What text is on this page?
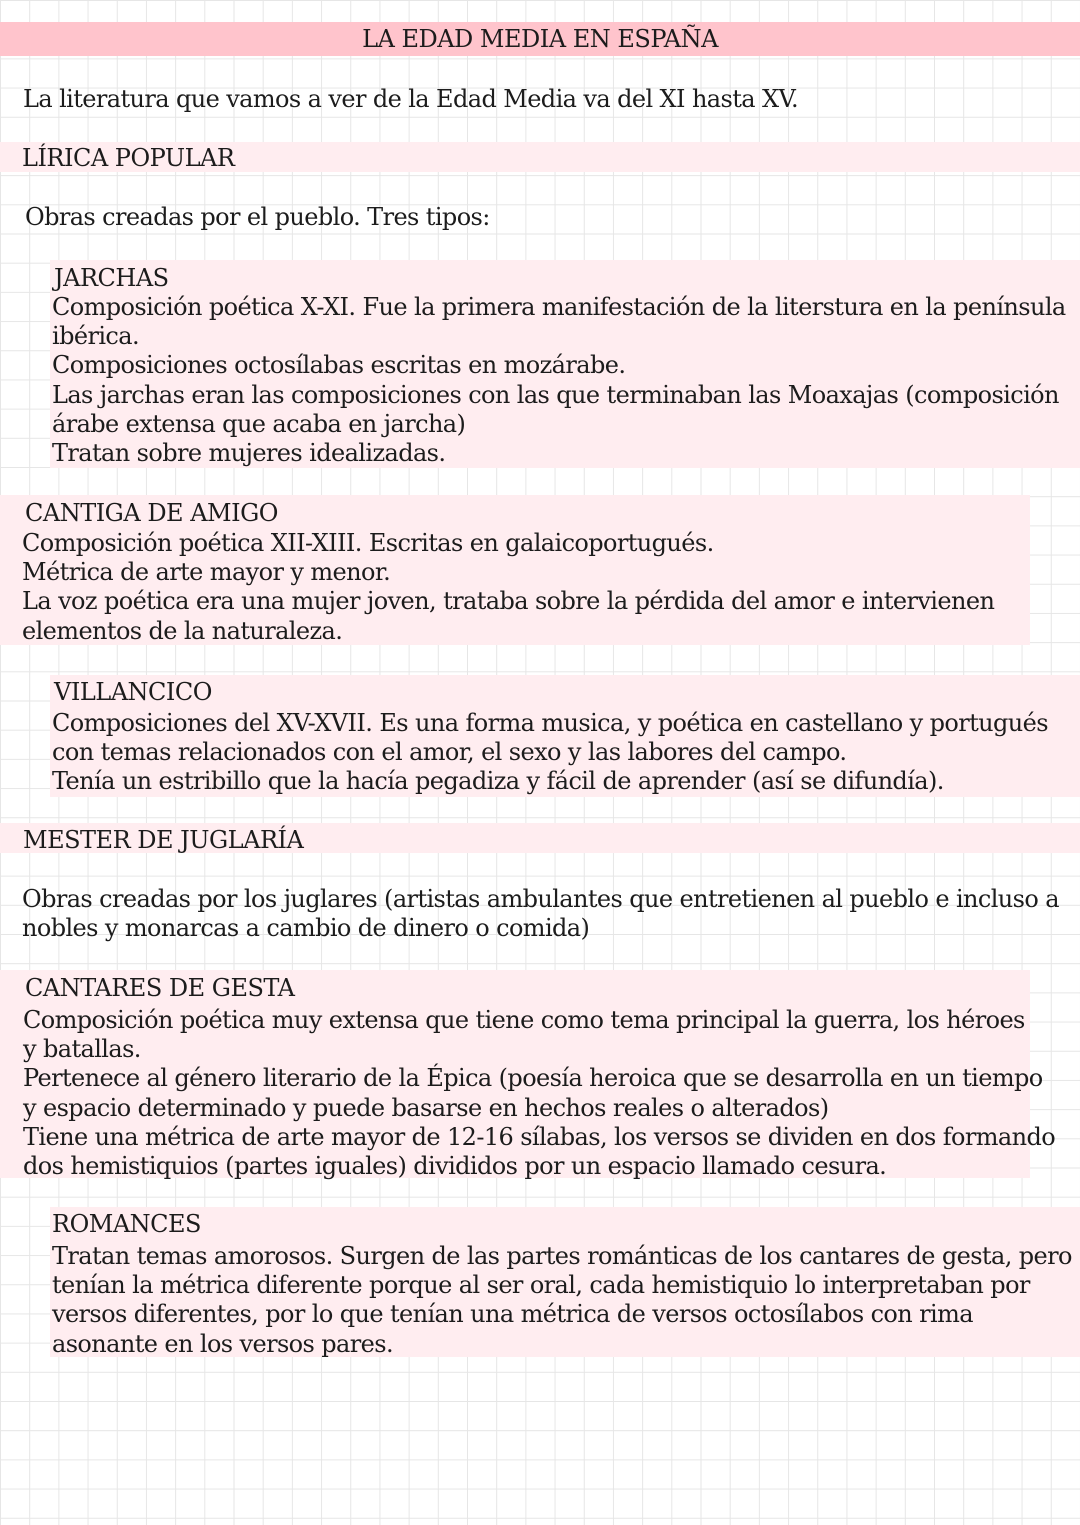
LA EDAD MEDIA EN ESPAÑA

La literatura que vamos a ver de la Edad Media va del XI hasta XV.

LÍRICA POPULAR

Obras creadas por el pueblo. Tres tipos:

JARCHAS
Composición poética X-XI. Fue la primera manifestación de la literstura en la península
ibérica.
Composiciones octosílabas escritas en mozárabe.
Las jarchas eran las composiciones con las que terminaban las Moaxajas (composición
árabe extensa que acaba en jarcha)
Tratan sobre mujeres idealizadas.
CANTIGA DE AMIGO
Composición poética XII-XIII. Escritas en galaicoportugués.
Métrica de arte mayor y menor.
La voz poética era una mujer joven, trataba sobre la pérdida del amor e intervienen
elementos de la naturaleza.
VILLANCICO
Composiciones del XV-XVII. Es una forma musica, y poética en castellano y portugués
con temas relacionados con el amor, el sexo y las labores del campo.
Tenía un estribillo que la hacía pegadiza y fácil de aprender (así se difundía).
MESTER DE JUGLARÍA
Obras creadas por los juglares (artistas ambulantes que entretienen al pueblo e incluso a
nobles y monarcas a cambio de dinero o comida)
CANTARES DE GESTA
Composición poética muy extensa que tiene como tema principal la guerra, los héroes
y batallas.
Pertenece al género literario de la Épica (poesía heroica que se desarrolla en un tiempo
y espacio determinado y puede basarse en hechos reales o alterados)
Tiene una métrica de arte mayor de 12-16 sílabas, los versos se dividen en dos formando
dos hemistiquios (partes iguales) divididos por un espacio llamado cesura.
ROMANCES
Tratan temas amorosos. Surgen de las partes románticas de los cantares de gesta, pero
tenían la métrica diferente porque al ser oral, cada hemistiquio lo interpretaban por
versos diferentes, por lo que tenían una métrica de versos octosílabos con rima
asonante en los versos pares.
